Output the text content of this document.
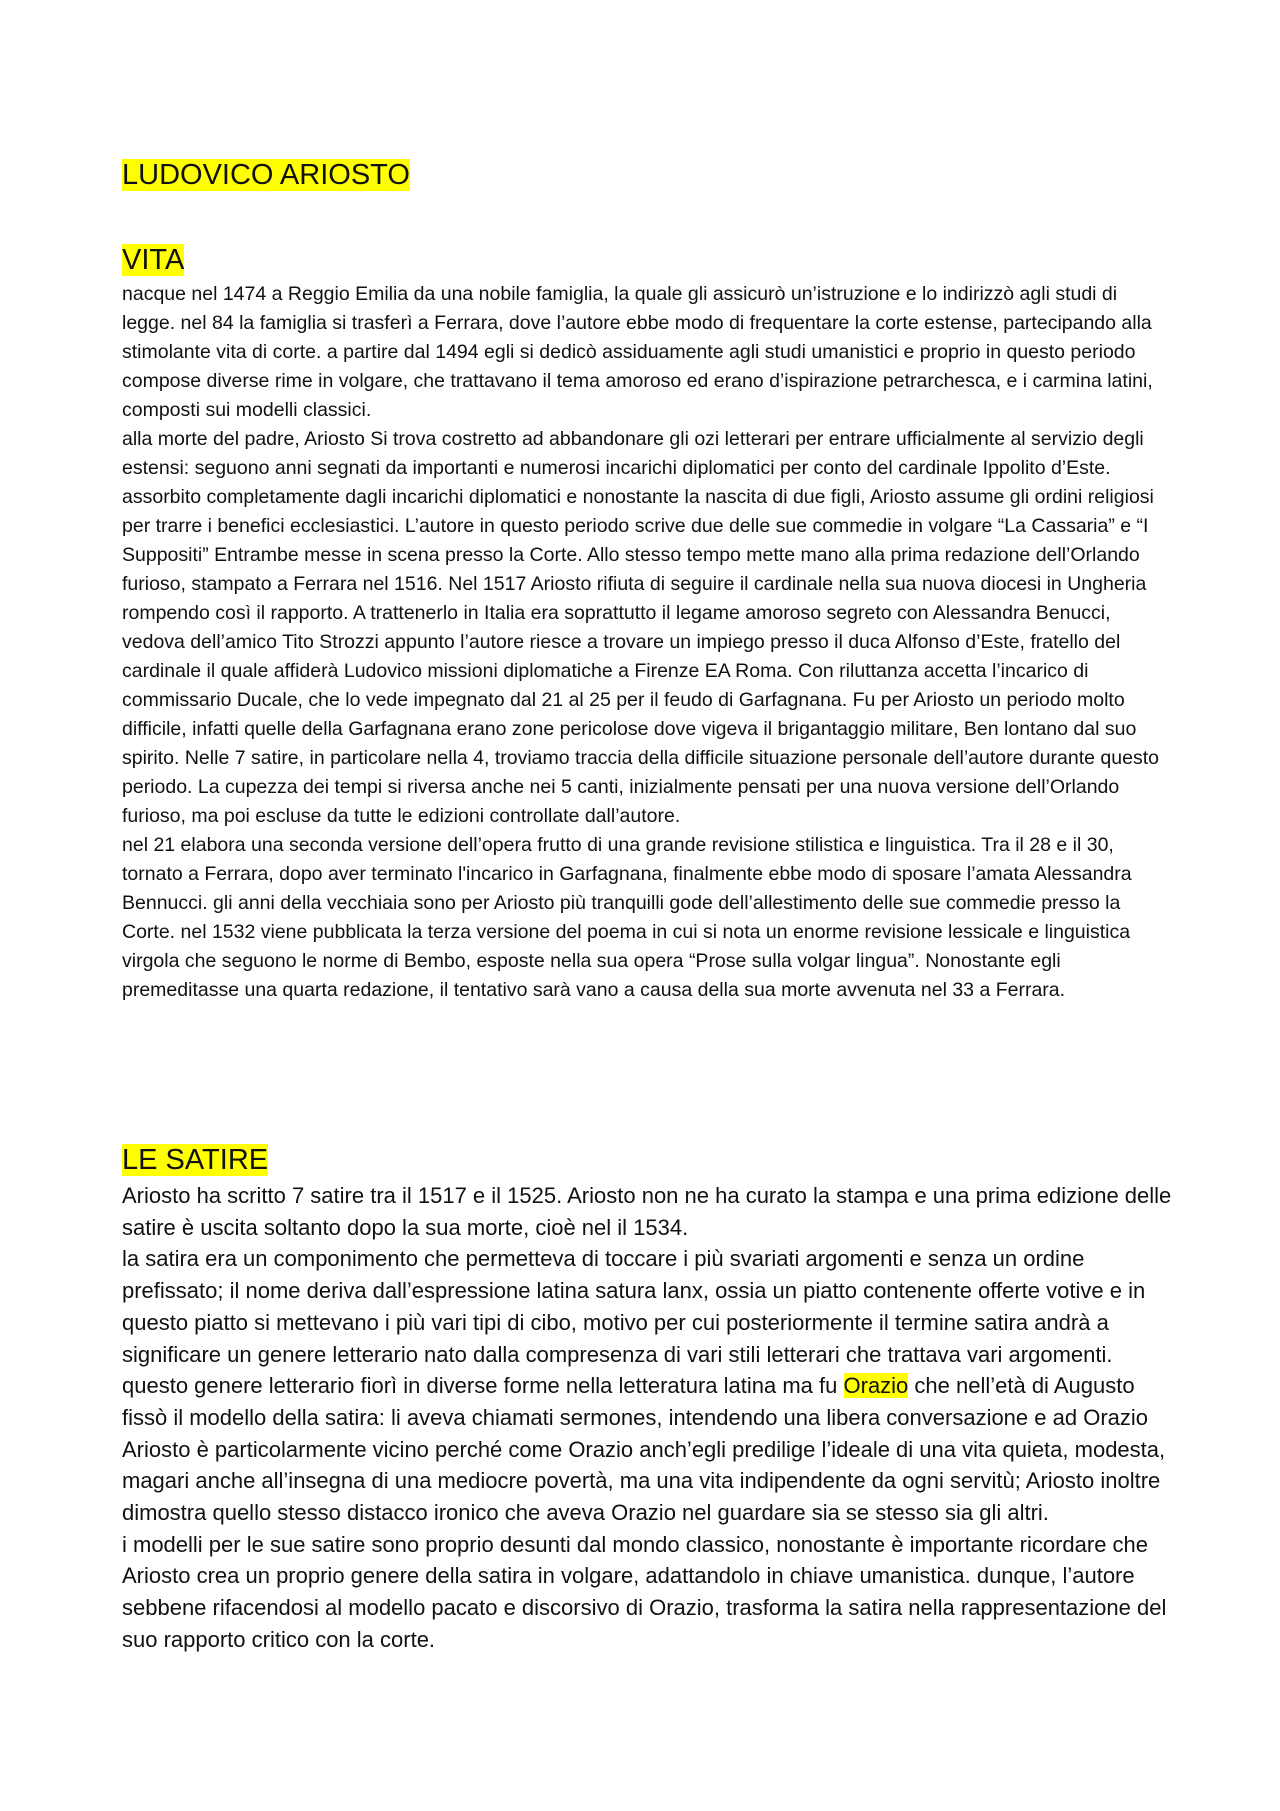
LUDOVICO ARIOSTO
VITA

nacque nel 1474 a Reggio Emilia da una nobile famiglia, la quale gli assicurò un’istruzione e lo indirizzò agli studi di legge. nel 84 la famiglia si trasferì a Ferrara, dove l’autore ebbe modo di frequentare la corte estense, partecipando alla stimolante vita di corte. a partire dal 1494 egli si dedicò assiduamente agli studi umanistici e proprio in questo periodo compose diverse rime in volgare, che trattavano il tema amoroso ed erano d’ispirazione petrarchesca, e i carmina latini, composti sui modelli classici.

alla morte del padre, Ariosto Si trova costretto ad abbandonare gli ozi letterari per entrare ufficialmente al servizio degli estensi: seguono anni segnati da importanti e numerosi incarichi diplomatici per conto del cardinale Ippolito d’Este. assorbito completamente dagli incarichi diplomatici e nonostante la nascita di due figli, Ariosto assume gli ordini religiosi per trarre i benefici ecclesiastici. L’autore in questo periodo scrive due delle sue commedie in volgare “La Cassaria” e “I Suppositi” Entrambe messe in scena presso la Corte. Allo stesso tempo mette mano alla prima redazione dell’Orlando furioso, stampato a Ferrara nel 1516. Nel 1517 Ariosto rifiuta di seguire il cardinale nella sua nuova diocesi in Ungheria rompendo così il rapporto. A trattenerlo in Italia era soprattutto il legame amoroso segreto con Alessandra Benucci, vedova dell’amico Tito Strozzi appunto l’autore riesce a trovare un impiego presso il duca Alfonso d’Este, fratello del cardinale il quale affiderà Ludovico missioni diplomatiche a Firenze EA Roma. Con riluttanza accetta l’incarico di commissario Ducale, che lo vede impegnato dal 21 al 25 per il feudo di Garfagnana. Fu per Ariosto un periodo molto difficile, infatti quelle della Garfagnana erano zone pericolose dove vigeva il brigantaggio militare, Ben lontano dal suo spirito. Nelle 7 satire, in particolare nella 4, troviamo traccia della difficile situazione personale dell’autore durante questo periodo. La cupezza dei tempi si riversa anche nei 5 canti, inizialmente pensati per una nuova versione dell’Orlando furioso, ma poi escluse da tutte le edizioni controllate dall’autore.

nel 21 elabora una seconda versione dell’opera frutto di una grande revisione stilistica e linguistica. Tra il 28 e il 30, tornato a Ferrara, dopo aver terminato l'incarico in Garfagnana, finalmente ebbe modo di sposare l’amata Alessandra Bennucci. gli anni della vecchiaia sono per Ariosto più tranquilli gode dell’allestimento delle sue commedie presso la Corte. nel 1532 viene pubblicata la terza versione del poema in cui si nota un enorme revisione lessicale e linguistica virgola che seguono le norme di Bembo, esposte nella sua opera “Prose sulla volgar lingua”. Nonostante egli premeditasse una quarta redazione, il tentativo sarà vano a causa della sua morte avvenuta nel 33 a Ferrara.

LE SATIRE

Ariosto ha scritto 7 satire tra il 1517 e il 1525. Ariosto non ne ha curato la stampa e una prima edizione delle satire è uscita soltanto dopo la sua morte, cioè nel il 1534.

la satira era un componimento che permetteva di toccare i più svariati argomenti e senza un ordine prefissato; il nome deriva dall’espressione latina satura lanx, ossia un piatto contenente offerte votive e in questo piatto si mettevano i più vari tipi di cibo, motivo per cui posteriormente il termine satira andrà a significare un genere letterario nato dalla compresenza di vari stili letterari che trattava vari argomenti. questo genere letterario fiorì in diverse forme nella letteratura latina ma fu Orazio che nell’età di Augusto fissò il modello della satira: li aveva chiamati sermones, intendendo una libera conversazione e ad Orazio Ariosto è particolarmente vicino perché come Orazio anch’egli predilige l’ideale di una vita quieta, modesta, magari anche all’insegna di una mediocre povertà, ma una vita indipendente da ogni servitù; Ariosto inoltre dimostra quello stesso distacco ironico che aveva Orazio nel guardare sia se stesso sia gli altri.

i modelli per le sue satire sono proprio desunti dal mondo classico, nonostante è importante ricordare che Ariosto crea un proprio genere della satira in volgare, adattandolo in chiave umanistica. dunque, l’autore sebbene rifacendosi al modello pacato e discorsivo di Orazio, trasforma la satira nella rappresentazione del suo rapporto critico con la corte.
